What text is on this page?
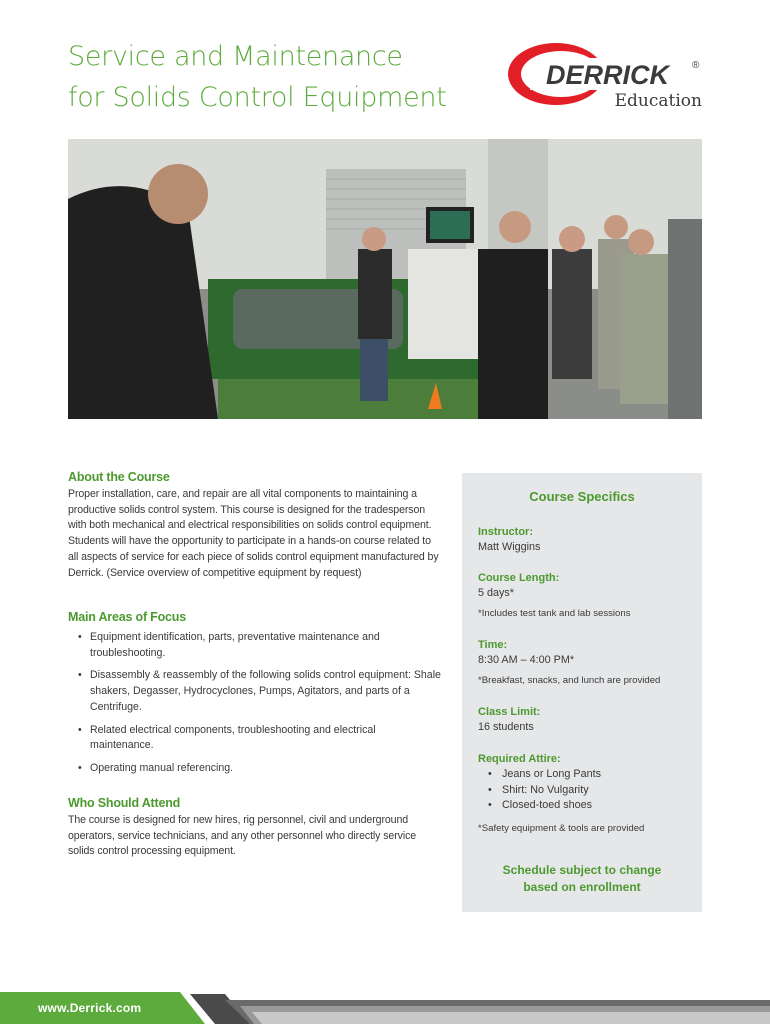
Service and Maintenance
for Solids Control Equipment
DERRICK ®
Education
About the Course

Proper installation, care, and repair are all vital components to maintaining a productive solids control system. This course is designed for the tradesperson with both mechanical and electrical responsibilities on solids control equipment. Students will have the opportunity to participate in a hands-on course related to all aspects of service for each piece of solids control equipment manufactured by Derrick. (Service overview of competitive equipment by request)

Main Areas of Focus
• Equipment identification, parts, preventative maintenance and troubleshooting.
• Disassembly & reassembly of the following solids control equipment: Shale shakers, Degasser, Hydrocyclones, Pumps, Agitators, and parts of a Centrifuge.
• Related electrical components, troubleshooting and electrical maintenance.
• Operating manual referencing.
Who Should Attend

The course is designed for new hires, rig personnel, civil and underground operators, service technicians, and any other personnel who directly service solids control processing equipment.

Course Specifics
Instructor:
Matt Wiggins
Course Length:
5 days*
*Includes test tank and lab sessions
Time:
8:30 AM – 4:00 PM*
*Breakfast, snacks, and lunch are provided
Class Limit:
16 students
Required Attire:
• Jeans or Long Pants
• Shirt: No Vulgarity
• Closed-toed shoes
*Safety equipment & tools are provided
Schedule subject to change
based on enrollment
www.Derrick.com
